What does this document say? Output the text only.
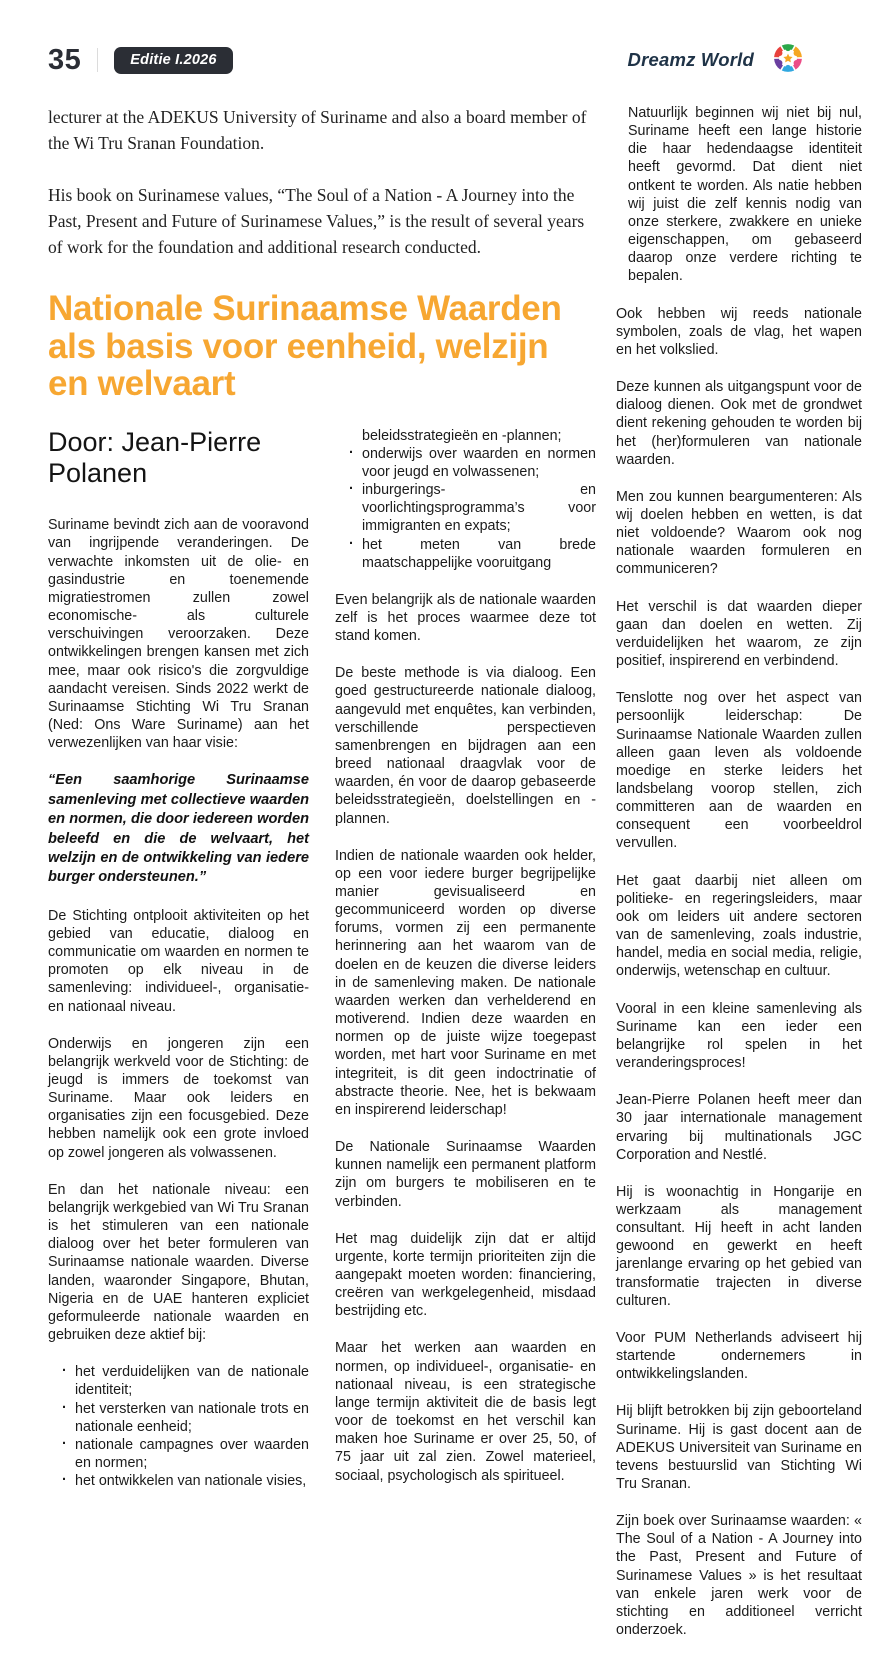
35	Editie I.2026	Dreamz World

lecturer at the ADEKUS University of Suriname and also a board member of the Wi Tru Sranan Foundation.

His book on Surinamese values, “The Soul of a Nation - A Journey into the Past, Present and Future of Surinamese Values,” is the result of several years of work for the foundation and additional research conducted.

Nationale Surinaamse Waarden als basis voor eenheid, welzijn en welvaart
Door: Jean-Pierre Polanen

Suriname bevindt zich aan de vooravond van ingrijpende veranderingen. De verwachte inkomsten uit de olie- en gasindustrie en toenemende migratiestromen zullen zowel economische- als culturele verschuivingen veroorzaken. Deze ontwikkelingen brengen kansen met zich mee, maar ook risico's die zorgvuldige aandacht vereisen. Sinds 2022 werkt de Surinaamse Stichting Wi Tru Sranan (Ned: Ons Ware Suriname) aan het verwezenlijken van haar visie:

“Een saamhorige Surinaamse samenleving met collectieve waarden en normen, die door iedereen worden beleefd en die de welvaart, het welzijn en de ontwikkeling van iedere burger ondersteunen.”

De Stichting ontplooit aktiviteiten op het gebied van educatie, dialoog en communicatie om waarden en normen te promoten op elk niveau in de samenleving: individueel-, organisatie- en nationaal niveau.

Onderwijs en jongeren zijn een belangrijk werkveld voor de Stichting: de jeugd is immers de toekomst van Suriname. Maar ook leiders en organisaties zijn een focusgebied. Deze hebben namelijk ook een grote invloed op zowel jongeren als volwassenen.

En dan het nationale niveau: een belangrijk werkgebied van Wi Tru Sranan is het stimuleren van een nationale dialoog over het beter formuleren van Surinaamse nationale waarden. Diverse landen, waaronder Singapore, Bhutan, Nigeria en de UAE hanteren expliciet geformuleerde nationale waarden en gebruiken deze aktief bij:

· het verduidelijken van de nationale identiteit;
· het versterken van nationale trots en nationale eenheid;
· nationale campagnes over waarden en normen;
· het ontwikkelen van nationale visies,
beleidsstrategieën en -plannen;
· onderwijs over waarden en normen voor jeugd en volwassenen;
· inburgerings- en voorlichtingsprogramma’s voor immigranten en expats;
· het meten van brede maatschappelijke vooruitgang

Even belangrijk als de nationale waarden zelf is het proces waarmee deze tot stand komen.

De beste methode is via dialoog. Een goed gestructureerde nationale dialoog, aangevuld met enquêtes, kan verbinden, verschillende perspectieven samenbrengen en bijdragen aan een breed nationaal draagvlak voor de waarden, én voor de daarop gebaseerde beleidsstrategieën, doelstellingen en -plannen.

Indien de nationale waarden ook helder, op een voor iedere burger begrijpelijke manier gevisualiseerd en gecommuniceerd worden op diverse forums, vormen zij een permanente herinnering aan het waarom van de doelen en de keuzen die diverse leiders in de samenleving maken. De nationale waarden werken dan verhelderend en motiverend. Indien deze waarden en normen op de juiste wijze toegepast worden, met hart voor Suriname en met integriteit, is dit geen indoctrinatie of abstracte theorie. Nee, het is bekwaam en inspirerend leiderschap!

De Nationale Surinaamse Waarden kunnen namelijk een permanent platform zijn om burgers te mobiliseren en te verbinden.

Het mag duidelijk zijn dat er altijd urgente, korte termijn prioriteiten zijn die aangepakt moeten worden: financiering, creëren van werkgelegenheid, misdaad bestrijding etc.

Maar het werken aan waarden en normen, op individueel-, organisatie- en nationaal niveau, is een strategische lange termijn aktiviteit die de basis legt voor de toekomst en het verschil kan maken hoe Suriname er over 25, 50, of 75 jaar uit zal zien. Zowel materieel, sociaal, psychologisch als spiritueel.

Natuurlijk beginnen wij niet bij nul, Suriname heeft een lange historie die haar hedendaagse identiteit heeft gevormd. Dat dient niet ontkent te worden. Als natie hebben wij juist die zelf kennis nodig van onze sterkere, zwakkere en unieke eigenschappen, om gebaseerd daarop onze verdere richting te bepalen.

Ook hebben wij reeds nationale symbolen, zoals de vlag, het wapen en het volkslied.

Deze kunnen als uitgangspunt voor de dialoog dienen. Ook met de grondwet dient rekening gehouden te worden bij het (her)formuleren van nationale waarden.

Men zou kunnen beargumenteren: Als wij doelen hebben en wetten, is dat niet voldoende? Waarom ook nog nationale waarden formuleren en communiceren?

Het verschil is dat waarden dieper gaan dan doelen en wetten. Zij verduidelijken het waarom, ze zijn positief, inspirerend en verbindend.

Tenslotte nog over het aspect van persoonlijk leiderschap: De Surinaamse Nationale Waarden zullen alleen gaan leven als voldoende moedige en sterke leiders het landsbelang voorop stellen, zich committeren aan de waarden en consequent een voorbeeldrol vervullen.

Het gaat daarbij niet alleen om politieke- en regeringsleiders, maar ook om leiders uit andere sectoren van de samenleving, zoals industrie, handel, media en social media, religie, onderwijs, wetenschap en cultuur.

Vooral in een kleine samenleving als Suriname kan een ieder een belangrijke rol spelen in het veranderingsproces!

Jean-Pierre Polanen heeft meer dan 30 jaar internationale management ervaring bij multinationals JGC Corporation and Nestlé.

Hij is woonachtig in Hongarije en werkzaam als management consultant. Hij heeft in acht landen gewoond en gewerkt en heeft jarenlange ervaring op het gebied van transformatie trajecten in diverse culturen.

Voor PUM Netherlands adviseert hij startende ondernemers in ontwikkelingslanden.

Hij blijft betrokken bij zijn geboorteland Suriname. Hij is gast docent aan de ADEKUS Universiteit van Suriname en tevens bestuurslid van Stichting Wi Tru Sranan.

Zijn boek over Surinaamse waarden: « The Soul of a Nation - A Journey into the Past, Present and Future of Surinamese Values » is het resultaat van enkele jaren werk voor de stichting en additioneel verricht onderzoek.
